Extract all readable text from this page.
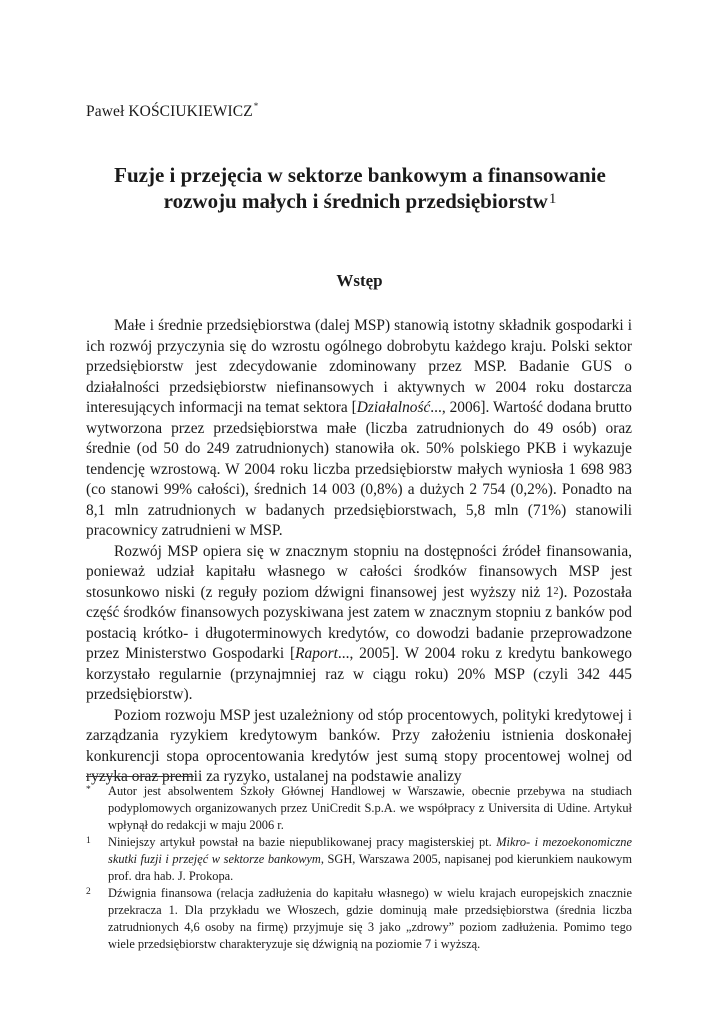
Paweł KOŚCIUKIEWICZ*
Fuzje i przejęcia w sektorze bankowym a finansowanie
rozwoju małych i średnich przedsiębiorstw$^1$
Wstęp

Małe i średnie przedsiębiorstwa (dalej MSP) stanowią istotny składnik gospodarki i ich rozwój przyczynia się do wzrostu ogólnego dobrobytu każdego kraju. Polski sektor przedsiębiorstw jest zdecydowanie zdominowany przez MSP. Badanie GUS o działalności przedsiębiorstw niefinansowych i aktywnych w 2004 roku dostarcza interesujących informacji na temat sektora [Działalność..., 2006]. Wartość dodana brutto wytworzona przez przedsiębiorstwa małe (liczba zatrudnionych do 49 osób) oraz średnie (od 50 do 249 zatrudnionych) stanowiła ok. 50% polskiego PKB i wykazuje tendencję wzrostową. W 2004 roku liczba przedsiębiorstw małych wyniosła 1 698 983 (co stanowi 99% całości), średnich 14 003 (0,8%) a dużych 2 754 (0,2%). Ponadto na 8,1 mln zatrudnionych w badanych przedsiębiorstwach, 5,8 mln (71%) stanowili pracownicy zatrudnieni w MSP.

Rozwój MSP opiera się w znacznym stopniu na dostępności źródeł finansowania, ponieważ udział kapitału własnego w całości środków finansowych MSP jest stosunkowo niski (z reguły poziom dźwigni finansowej jest wyższy niż $1^2$). Pozostała część środków finansowych pozyskiwana jest zatem w znacznym stopniu z banków pod postacią krótko- i długoterminowych kredytów, co dowodzi badanie przeprowadzone przez Ministerstwo Gospodarki [Raport..., 2005]. W 2004 roku z kredytu bankowego korzystało regularnie (przynajmniej raz w ciągu roku) 20% MSP (czyli 342 445 przedsiębiorstw).

Poziom rozwoju MSP jest uzależniony od stóp procentowych, polityki kredytowej i zarządzania ryzykiem kredytowym banków. Przy założeniu istnienia doskonałej konkurencji stopa oprocentowania kredytów jest sumą stopy procentowej wolnej od ryzyka oraz premii za ryzyko, ustalanej na podstawie analizy

* Autor jest absolwentem Szkoły Głównej Handlowej w Warszawie, obecnie przebywa na studiach podyplomowych organizowanych przez UniCredit S.p.A. we współpracy z Universita di Udine. Artykuł wpłynął do redakcji w maju 2006 r.
1 Niniejszy artykuł powstał na bazie niepublikowanej pracy magisterskiej pt. Mikro- i mezoekonomiczne skutki fuzji i przejęć w sektorze bankowym, SGH, Warszawa 2005, napisanej pod kierunkiem naukowym prof. dra hab. J. Prokopa.
2 Dźwignia finansowa (relacja zadłużenia do kapitału własnego) w wielu krajach europejskich znacznie przekracza 1. Dla przykładu we Włoszech, gdzie dominują małe przedsiębiorstwa (średnia liczba zatrudnionych 4,6 osoby na firmę) przyjmuje się 3 jako „zdrowy” poziom zadłużenia. Pomimo tego wiele przedsiębiorstw charakteryzuje się dźwignią na poziomie 7 i wyższą.
